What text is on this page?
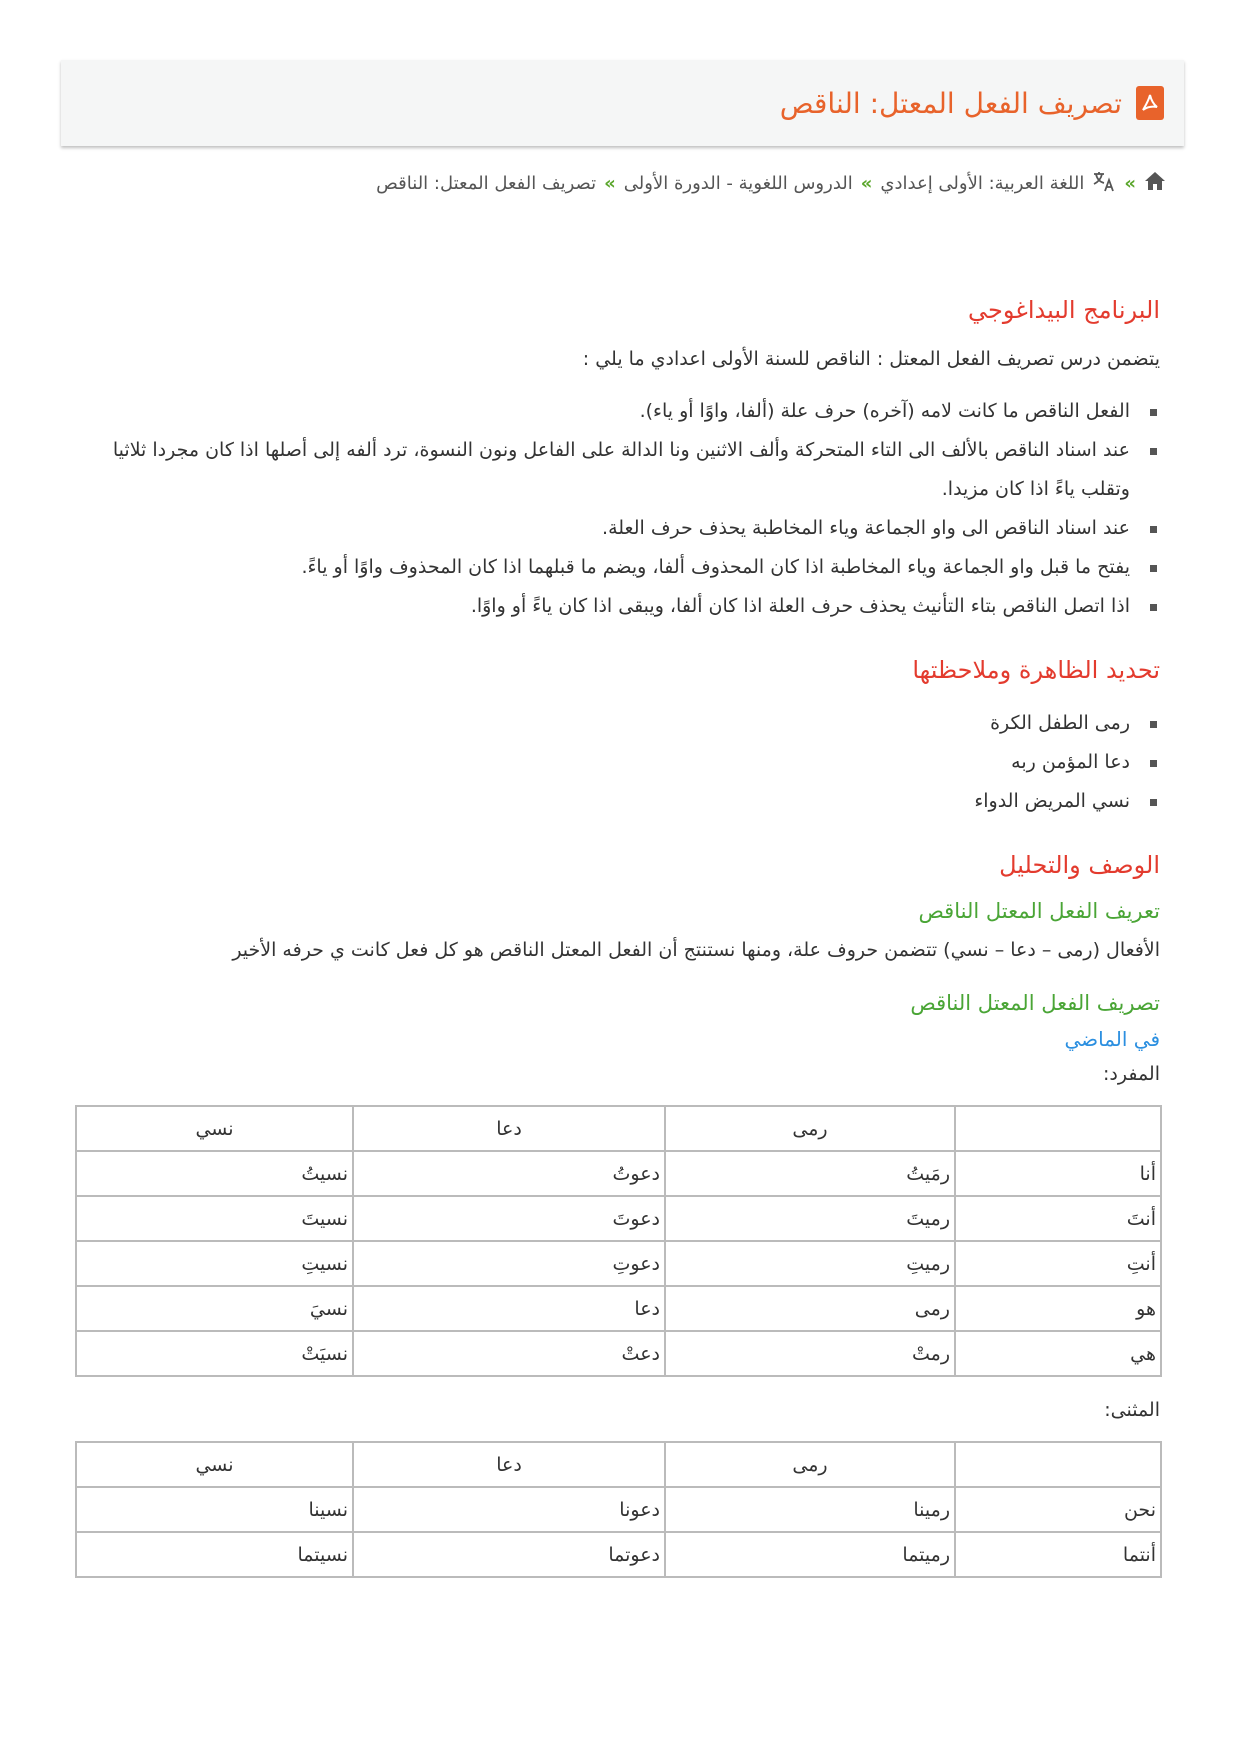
تصريف الفعل المعتل: الناقص
»
اللغة العربية: الأولى إعدادي
»
الدروس اللغوية - الدورة الأولى
»
تصريف الفعل المعتل: الناقص
البرنامج البيداغوجي

يتضمن درس تصريف الفعل المعتل : الناقص للسنة الأولى اعدادي ما يلي :

الفعل الناقص ما كانت لامه (آخره) حرف علة (ألفا، واوًا أو ياء).
عند اسناد الناقص بالألف الى التاء المتحركة وألف الاثنين ونا الدالة على الفاعل ونون النسوة، ترد ألفه إلى أصلها اذا كان مجردا ثلاثيا وتقلب ياءً اذا كان مزيدا.
عند اسناد الناقص الى واو الجماعة وياء المخاطبة يحذف حرف العلة.
يفتح ما قبل واو الجماعة وياء المخاطبة اذا كان المحذوف ألفا، ويضم ما قبلهما اذا كان المحذوف واوًا أو ياءً.
اذا اتصل الناقص بتاء التأنيث يحذف حرف العلة اذا كان ألفا، ويبقى اذا كان ياءً أو واوًا.
تحديد الظاهرة وملاحظتها
رمى الطفل الكرة
دعا المؤمن ربه
نسي المريض الدواء
الوصف والتحليل
تعريف الفعل المعتل الناقص

الأفعال (رمى – دعا – نسي) تتضمن حروف علة، ومنها نستنتج أن الفعل المعتل الناقص هو كل فعل كانت ي حرفه الأخير

تصريف الفعل المعتل الناقص
في الماضي
المفرد:
	رمى	دعا	نسي
أنا	رمَيتُ	دعوتُ	نسيتُ
أنتَ	رميتَ	دعوتَ	نسيتَ
أنتِ	رميتِ	دعوتِ	نسيتِ
هو	رمى	دعا	نسيَ
هي	رمتْ	دعتْ	نسيَتْ
المثنى:
	رمى	دعا	نسي
نحن	رمينا	دعونا	نسينا
أنتما	رميتما	دعوتما	نسيتما
